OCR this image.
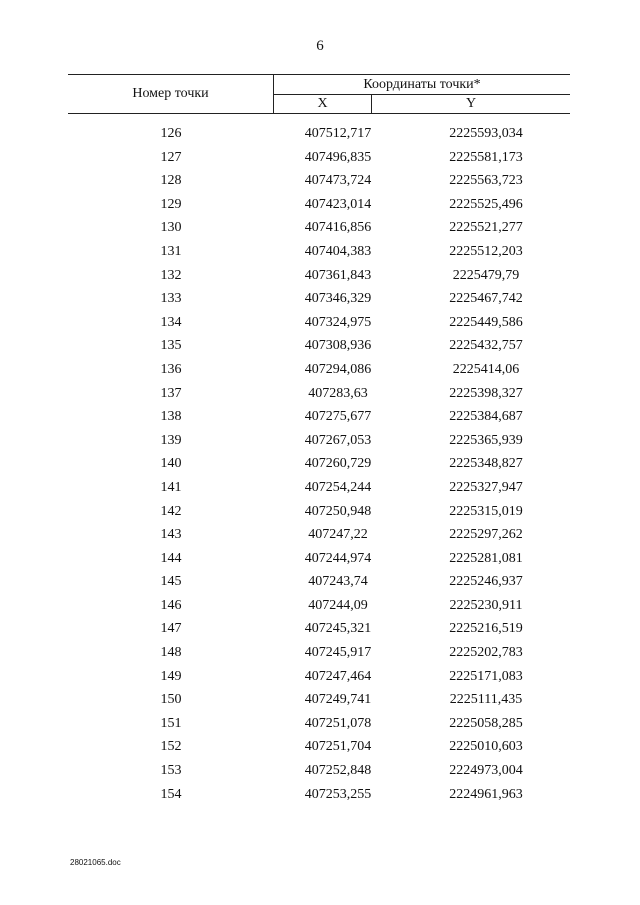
6
Номер точки
Координаты точки*
X	Y
126	407512,717	2225593,034
127	407496,835	2225581,173
128	407473,724	2225563,723
129	407423,014	2225525,496
130	407416,856	2225521,277
131	407404,383	2225512,203
132	407361,843	2225479,79
133	407346,329	2225467,742
134	407324,975	2225449,586
135	407308,936	2225432,757
136	407294,086	2225414,06
137	407283,63	2225398,327
138	407275,677	2225384,687
139	407267,053	2225365,939
140	407260,729	2225348,827
141	407254,244	2225327,947
142	407250,948	2225315,019
143	407247,22	2225297,262
144	407244,974	2225281,081
145	407243,74	2225246,937
146	407244,09	2225230,911
147	407245,321	2225216,519
148	407245,917	2225202,783
149	407247,464	2225171,083
150	407249,741	2225111,435
151	407251,078	2225058,285
152	407251,704	2225010,603
153	407252,848	2224973,004
154	407253,255	2224961,963
28021065.doc
